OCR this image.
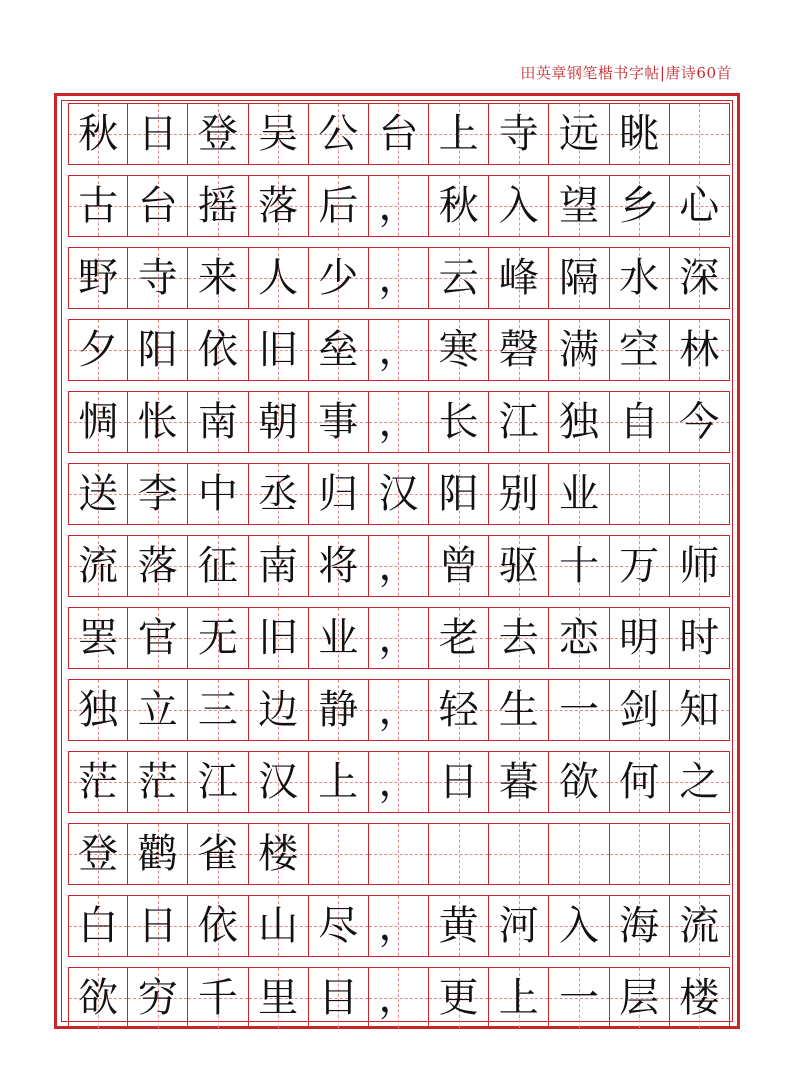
田英章钢笔楷书字帖|唐诗60首
秋 日 登 吴 公 台 上 寺 远 眺
古 台 摇 落 后 ， 秋 入 望 乡 心
野 寺 来 人 少 ， 云 峰 隔 水 深
夕 阳 依 旧 垒 ， 寒 磬 满 空 林
惆 怅 南 朝 事 ， 长 江 独 自 今
送 李 中 丞 归 汉 阳 别 业
流 落 征 南 将 ， 曾 驱 十 万 师
罢 官 无 旧 业 ， 老 去 恋 明 时
独 立 三 边 静 ， 轻 生 一 剑 知
茫 茫 江 汉 上 ， 日 暮 欲 何 之
登 鹳 雀 楼
白 日 依 山 尽 ， 黄 河 入 海 流
欲 穷 千 里 目 ， 更 上 一 层 楼
